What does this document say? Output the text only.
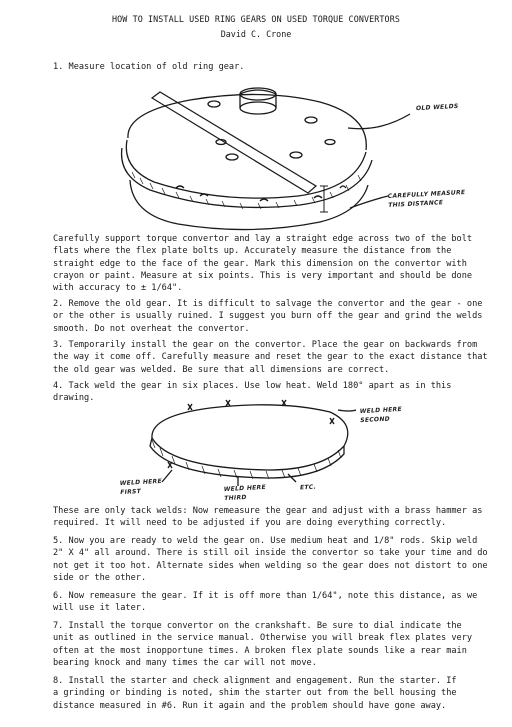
HOW TO INSTALL USED RING GEARS ON USED TORQUE CONVERTORS
David C. Crone

1. Measure location of old ring gear.

OLD WELDS
CAREFULLY MEASURE
THIS DISTANCE

Carefully support torque convertor and lay a straight edge across two of the bolt
flats where the flex plate bolts up. Accurately measure the distance from the
straight edge to the face of the gear. Mark this dimension on the convertor with
crayon or paint. Measure at six points. This is very important and should be done
with accuracy to ± 1/64".

2. Remove the old gear. It is difficult to salvage the convertor and the gear - one
or the other is usually ruined. I suggest you burn off the gear and grind the welds
smooth. Do not overheat the convertor.

3. Temporarily install the gear on the convertor. Place the gear on backwards from
the way it come off. Carefully measure and reset the gear to the exact distance that
the old gear was welded. Be sure that all dimensions are correct.

4. Tack weld the gear in six places. Use low heat. Weld 180° apart as in this
drawing.

WELD HERE
SECOND
WELD HERE
FIRST	WELD HERE
THIRD
ETC.

These are only tack welds: Now remeasure the gear and adjust with a brass hammer as
required. It will need to be adjusted if you are doing everything correctly.

5. Now you are ready to weld the gear on. Use medium heat and 1/8" rods. Skip weld
2" X 4" all around. There is still oil inside the convertor so take your time and do
not get it too hot. Alternate sides when welding so the gear does not distort to one
side or the other.

6. Now remeasure the gear. If it is off more than 1/64", note this distance, as we
will use it later.

7. Install the torque convertor on the crankshaft. Be sure to dial indicate the
unit as outlined in the service manual. Otherwise you will break flex plates very
often at the most inopportune times. A broken flex plate sounds like a rear main
bearing knock and many times the car will not move.

8. Install the starter and check alignment and engagement. Run the starter. If
a grinding or binding is noted, shim the starter out from the bell housing the
distance measured in #6. Run it again and the problem should have gone away.
